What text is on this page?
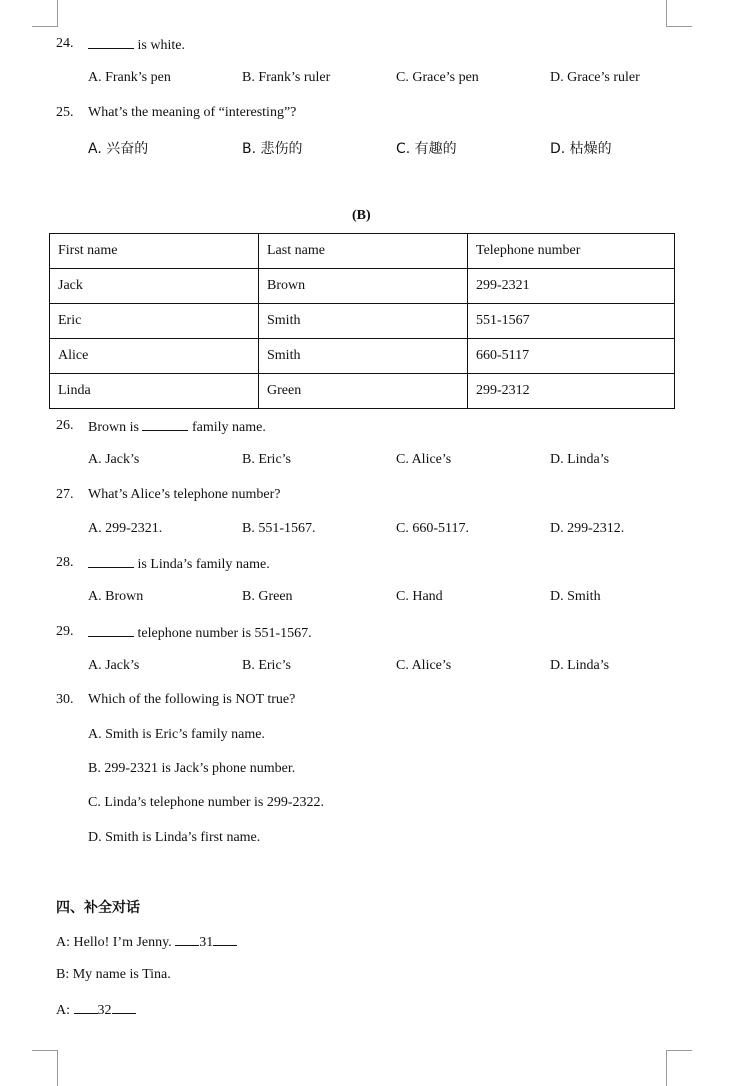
24.	is white.
A. Frank’s pen	B. Frank’s ruler	C. Grace’s pen	D. Grace’s ruler
25. What’s the meaning of “interesting”?
A. 兴奋的	B. 悲伤的	C. 有趣的	D. 枯燥的
(B)
First name	Last name	Telephone number
Jack	Brown	299-2321
Eric	Smith	551-1567
Alice	Smith	660-5117
Linda	Green	299-2312
26. Brown is	family name.
A. Jack’s	B. Eric’s	C. Alice’s	D. Linda’s
27. What’s Alice’s telephone number?
A. 299-2321.	B. 551-1567.	C. 660-5117.	D. 299-2312.
28.	is Linda’s family name.
A. Brown	B. Green	C. Hand	D. Smith
29.	telephone number is 551-1567.
A. Jack’s	B. Eric’s	C. Alice’s	D. Linda’s
30. Which of the following is NOT true?
A. Smith is Eric’s family name.
B. 299-2321 is Jack’s phone number.
C. Linda’s telephone number is 299-2322.
D. Smith is Linda’s first name.
四、补全对话
A: Hello! I’m Jenny. 31
B: My name is Tina.
A: 32
